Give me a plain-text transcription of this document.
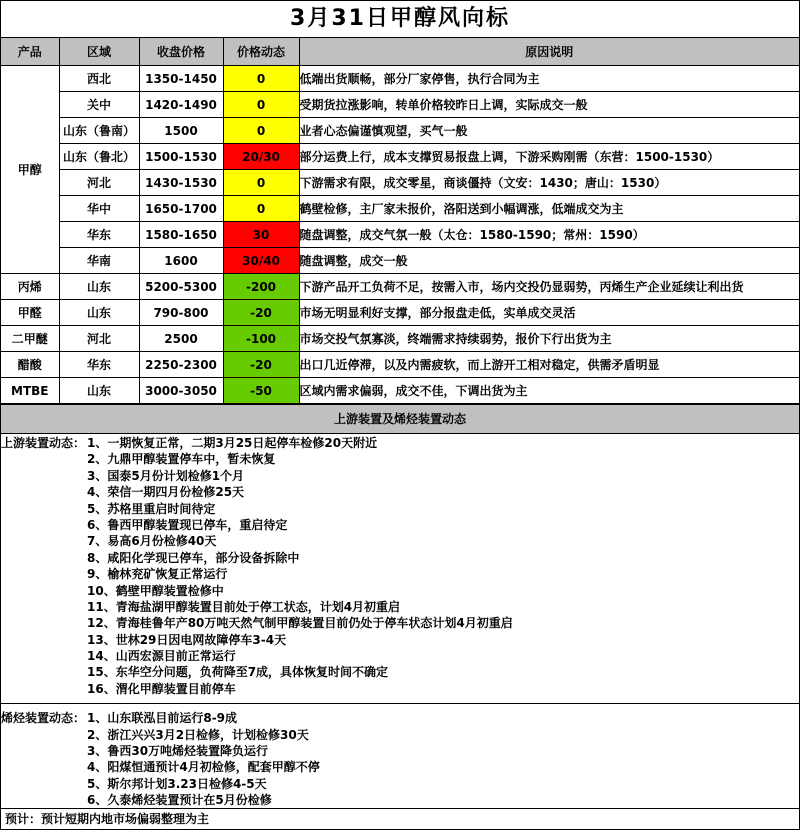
3月31日甲醇风向标
产品	区域	收盘价格	价格动态	原因说明
甲醇	西北	1350-1450	0	低端出货顺畅，部分厂家停售，执行合同为主
	关中	1420-1490	0	受期货拉涨影响，转单价格较昨日上调，实际成交一般
	山东（鲁南）	1500	0	业者心态偏谨慎观望，买气一般
	山东（鲁北）	1500-1530	20/30	部分运费上行，成本支撑贸易报盘上调，下游采购刚需（东营：1500-1530）
	河北	1430-1530	0	下游需求有限，成交零星，商谈僵持（文安：1430；唐山：1530）
	华中	1650-1700	0	鹤壁检修，主厂家未报价，洛阳送到小幅调涨，低端成交为主
	华东	1580-1650	30	随盘调整，成交气氛一般（太仓：1580-1590；常州：1590）
	华南	1600	30/40	随盘调整，成交一般
丙烯	山东	5200-5300	-200	下游产品开工负荷不足，按需入市，场内交投仍显弱势，丙烯生产企业延续让利出货
甲醛	山东	790-800	-20	市场无明显利好支撑，部分报盘走低，实单成交灵活
二甲醚	河北	2500	-100	市场交投气氛寡淡，终端需求持续弱势，报价下行出货为主
醋酸	华东	2250-2300	-20	出口几近停滞，以及内需疲软，而上游开工相对稳定，供需矛盾明显
MTBE	山东	3000-3050	-50	区域内需求偏弱，成交不佳，下调出货为主
上游装置及烯烃装置动态
上游装置动态： 1、一期恢复正常，二期3月25日起停车检修20天附近
2、九鼎甲醇装置停车中，暂未恢复
3、国泰5月份计划检修1个月
4、荣信一期四月份检修25天
5、苏格里重启时间待定
6、鲁西甲醇装置现已停车，重启待定
7、易高6月份检修40天
8、咸阳化学现已停车，部分设备拆除中
9、榆林兖矿恢复正常运行
10、鹤壁甲醇装置检修中
11、青海盐湖甲醇装置目前处于停工状态，计划4月初重启
12、青海桂鲁年产80万吨天然气制甲醇装置目前仍处于停车状态计划4月初重启
13、世林29日因电网故障停车3-4天
14、山西宏源目前正常运行
15、东华空分问题，负荷降至7成，具体恢复时间不确定
16、渭化甲醇装置目前停车
烯烃装置动态： 1、山东联泓目前运行8-9成
2、浙江兴兴3月2日检修，计划检修30天
3、鲁西30万吨烯烃装置降负运行
4、阳煤恒通预计4月初检修，配套甲醇不停
5、斯尔邦计划3.23日检修4-5天
6、久泰烯烃装置预计在5月份检修
预计：预计短期内地市场偏弱整理为主
